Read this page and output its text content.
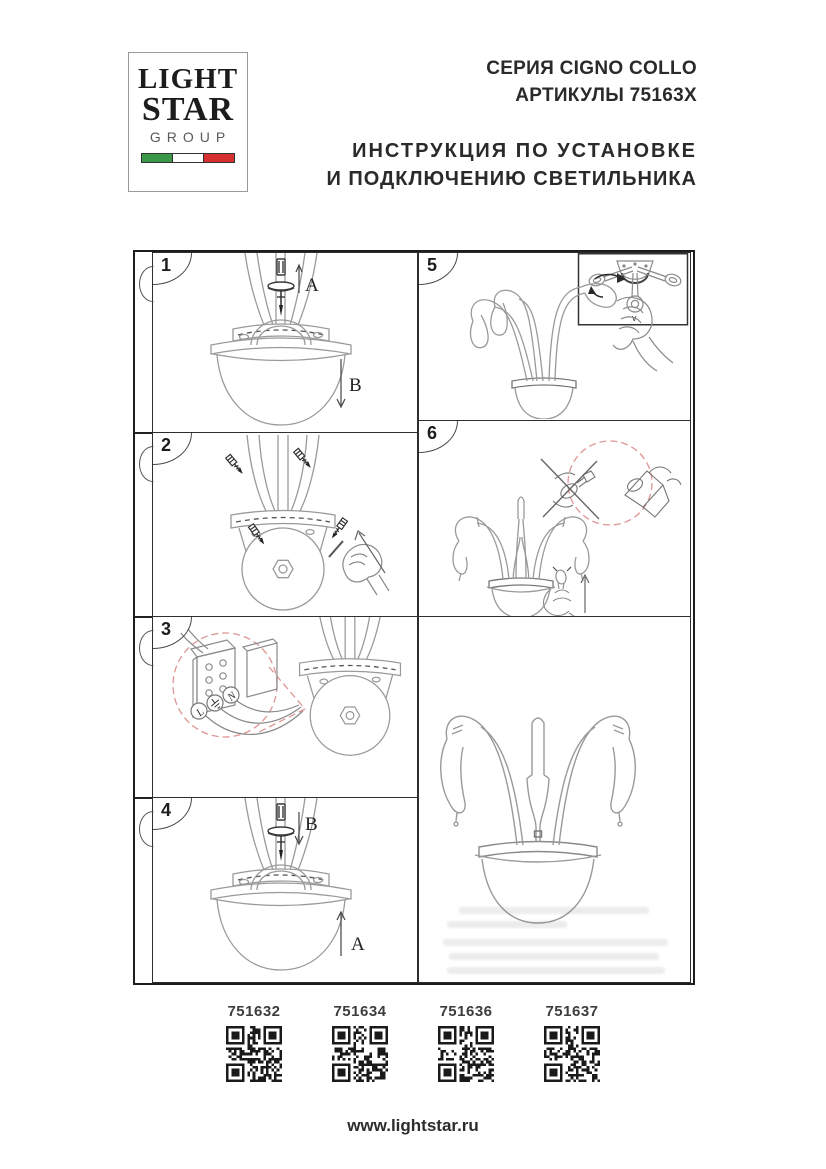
LIGHT
STAR
GROUP
СЕРИЯ CIGNO COLLO
АРТИКУЛЫ 75163X
ИНСТРУКЦИЯ ПО УСТАНОВКЕ
И ПОДКЛЮЧЕНИЮ СВЕТИЛЬНИКА
1
A
B
2
3
L
N
4
B
A
5
v
6
751632	751634	751636	751637
www.lightstar.ru
